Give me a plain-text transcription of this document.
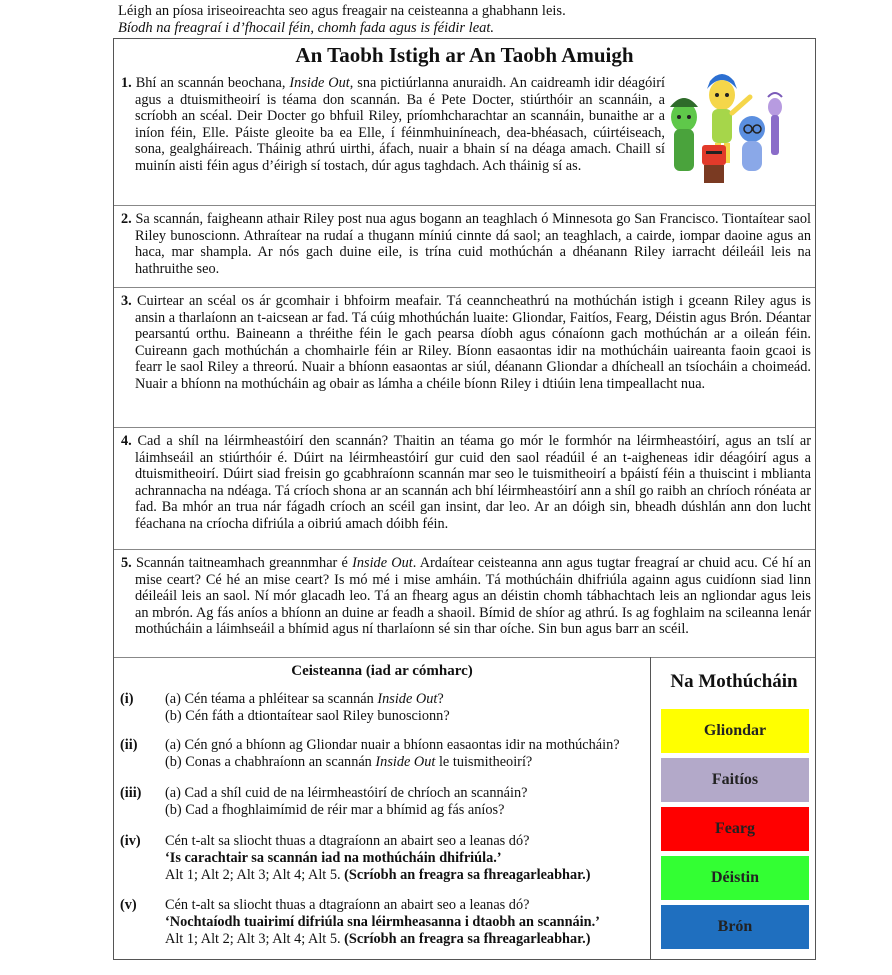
Léigh an píosa iriseoireachta seo agus freagair na ceisteanna a ghabhann leis.
Bíodh na freagraí i d’fhocail féin, chomh fada agus is féidir leat.
An Taobh Istigh ar An Taobh Amuigh
1. Bhí an scannán beochana, Inside Out, sna pictiúrlanna anuraidh. An caidreamh idir déagóirí agus a dtuismitheoirí is téama don scannán. Ba é Pete Docter, stiúrthóir an scannáin, a scríobh an scéal. Deir Docter go bhfuil Riley, príomhcharachtar an scannáin, bunaithe ar a iníon féin, Elle. Páiste gleoite ba ea Elle, í féinmhuiníneach, dea-bhéasach, cúirtéiseach, sona, gealgháireach. Tháinig athrú uirthi, áfach, nuair a bhain sí na déaga amach. Chaill sí muinín aisti féin agus d’éirigh sí tostach, dúr agus taghdach. Ach tháinig sí as.
2. Sa scannán, faigheann athair Riley post nua agus bogann an teaghlach ó Minnesota go San Francisco. Tiontaítear saol Riley bunoscionn. Athraítear na rudaí a thugann míniú cinnte dá saol; an teaghlach, a cairde, iompar daoine agus an haca, mar shampla. Ar nós gach duine eile, is trína cuid mothúchán a dhéanann Riley iarracht déileáil leis na hathruithe seo.
3. Cuirtear an scéal os ár gcomhair i bhfoirm meafair. Tá ceanncheathrú na mothúchán istigh i gceann Riley agus is ansin a tharlaíonn an t-aicsean ar fad. Tá cúig mhothúchán luaite: Gliondar, Faitíos, Fearg, Déistin agus Brón. Déantar pearsantú orthu. Baineann a thréithe féin le gach pearsa díobh agus cónaíonn gach mothúchán ar a oileán féin. Cuireann gach mothúchán a chomhairle féin ar Riley. Bíonn easaontas idir na mothúcháin uaireanta faoin gcaoi is fearr le saol Riley a threorú. Nuair a bhíonn easaontas ar siúl, déanann Gliondar a dhícheall an tsíocháin a choimeád. Nuair a bhíonn na mothúcháin ag obair as lámha a chéile bíonn Riley i dtiúin lena timpeallacht nua.
4. Cad a shíl na léirmheastóirí den scannán? Thaitin an téama go mór le formhór na léirmheastóirí, agus an tslí ar láimhseáil an stiúrthóir é. Dúirt na léirmheastóirí gur cuid den saol réadúil é an t-aigheneas idir déagóirí agus a dtuismitheoirí. Dúirt siad freisin go gcabhraíonn scannán mar seo le tuismitheoirí a bpáistí féin a thuiscint i mblianta achrannacha na ndéaga. Tá críoch shona ar an scannán ach bhí léirmheastóirí ann a shíl go raibh an chríoch rónéata ar fad. Ba mhór an trua nár fágadh críoch an scéil gan insint, dar leo. Ar an dóigh sin, bheadh dúshlán ann don lucht féachana na críocha difriúla a oibriú amach dóibh féin.
5. Scannán taitneamhach greannmhar é Inside Out. Ardaítear ceisteanna ann agus tugtar freagraí ar chuid acu. Cé hí an mise ceart? Cé hé an mise ceart? Is mó mé i mise amháin. Tá mothúcháin dhifriúla againn agus cuidíonn siad linn déileáil leis an saol. Ní mór glacadh leo. Tá an fhearg agus an déistin chomh tábhachtach leis an ngliondar agus leis an mbrón. Ag fás aníos a bhíonn an duine ar feadh a shaoil. Bímid de shíor ag athrú. Is ag foghlaim na scileanna lenár mothúcháin a láimhseáil a bhímid agus ní tharlaíonn sé sin thar oíche. Sin bun agus barr an scéil.
Ceisteanna (iad ar cómharc)
(i) (a) Cén téama a phléitear sa scannán Inside Out?
(b) Cén fáth a dtiontaítear saol Riley bunoscionn?
(ii) (a) Cén gnó a bhíonn ag Gliondar nuair a bhíonn easaontas idir na mothúcháin?
(b) Conas a chabhraíonn an scannán Inside Out le tuismitheoirí?
(iii) (a) Cad a shíl cuid de na léirmheastóirí de chríoch an scannáin?
(b) Cad a fhoghlaimímid de réir mar a bhímid ag fás aníos?
(iv) Cén t-alt sa sliocht thuas a dtagraíonn an abairt seo a leanas dó?
‘Is carachtair sa scannán iad na mothúcháin dhifriúla.’
Alt 1; Alt 2; Alt 3; Alt 4; Alt 5. (Scríobh an freagra sa fhreagarleabhar.)
(v) Cén t-alt sa sliocht thuas a dtagraíonn an abairt seo a leanas dó?
‘Nochtaíodh tuairimí difriúla sna léirmheasanna i dtaobh an scannáin.’
Alt 1; Alt 2; Alt 3; Alt 4; Alt 5. (Scríobh an freagra sa fhreagarleabhar.)
Na Mothúcháin
Gliondar
Faitíos
Fearg
Déistin
Brón
